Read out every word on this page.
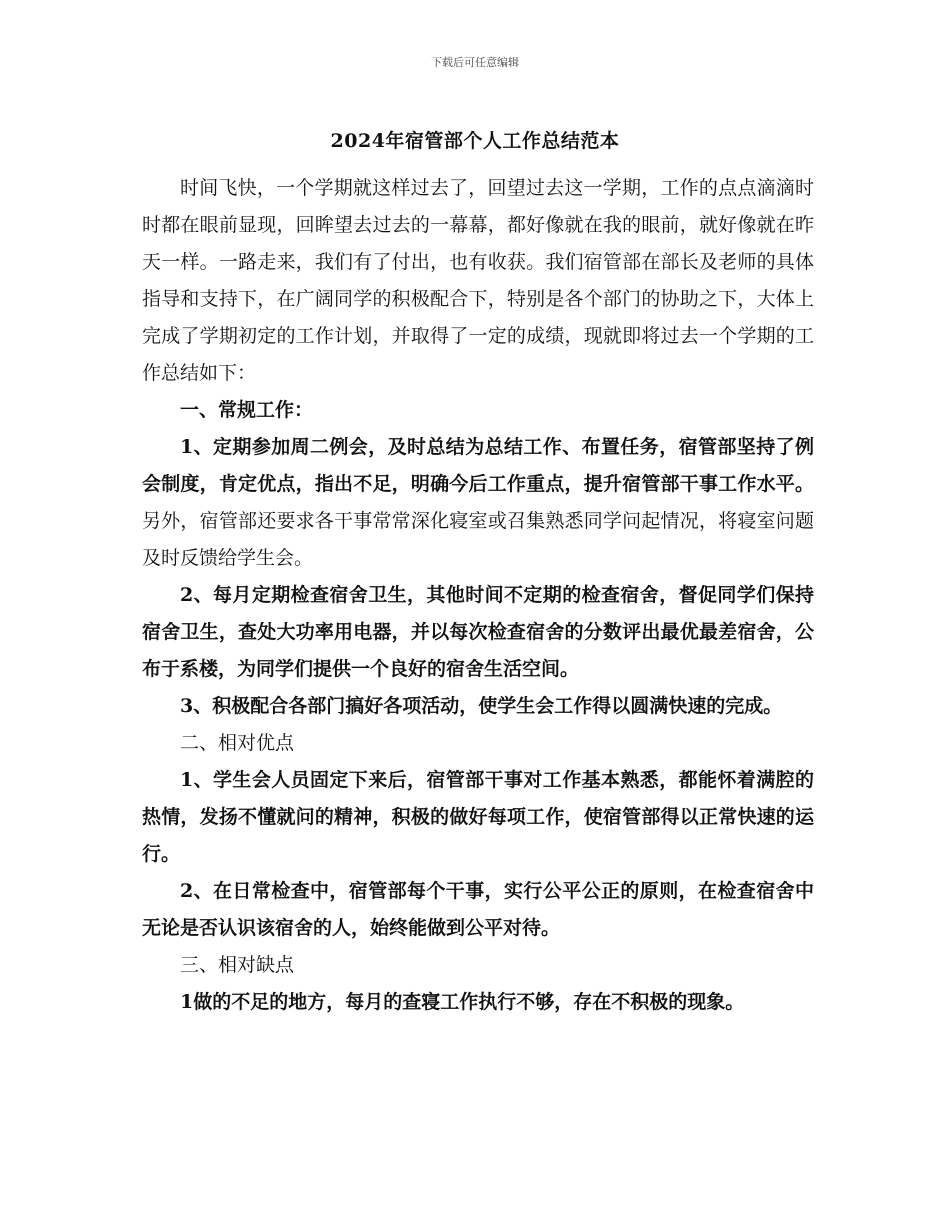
下载后可任意编辑
2024年宿管部个人工作总结范本

时间飞快，一个学期就这样过去了，回望过去这一学期，工作的点点滴滴时时都在眼前显现，回眸望去过去的一幕幕，都好像就在我的眼前，就好像就在昨天一样。一路走来，我们有了付出，也有收获。我们宿管部在部长及老师的具体指导和支持下，在广阔同学的积极配合下，特别是各个部门的协助之下，大体上完成了学期初定的工作计划，并取得了一定的成绩，现就即将过去一个学期的工作总结如下：

一、常规工作：

1、定期参加周二例会，及时总结为总结工作、布置任务，宿管部坚持了例会制度，肯定优点，指出不足，明确今后工作重点，提升宿管部干事工作水平。另外，宿管部还要求各干事常常深化寝室或召集熟悉同学问起情况，将寝室问题及时反馈给学生会。

2、每月定期检查宿舍卫生，其他时间不定期的检查宿舍，督促同学们保持宿舍卫生，查处大功率用电器，并以每次检查宿舍的分数评出最优最差宿舍，公布于系楼，为同学们提供一个良好的宿舍生活空间。

3、积极配合各部门搞好各项活动，使学生会工作得以圆满快速的完成。

二、相对优点

1、学生会人员固定下来后，宿管部干事对工作基本熟悉，都能怀着满腔的热情，发扬不懂就问的精神，积极的做好每项工作，使宿管部得以正常快速的运行。

2、在日常检查中，宿管部每个干事，实行公平公正的原则，在检查宿舍中无论是否认识该宿舍的人，始终能做到公平对待。

三、相对缺点

1做的不足的地方，每月的查寝工作执行不够，存在不积极的现象。
